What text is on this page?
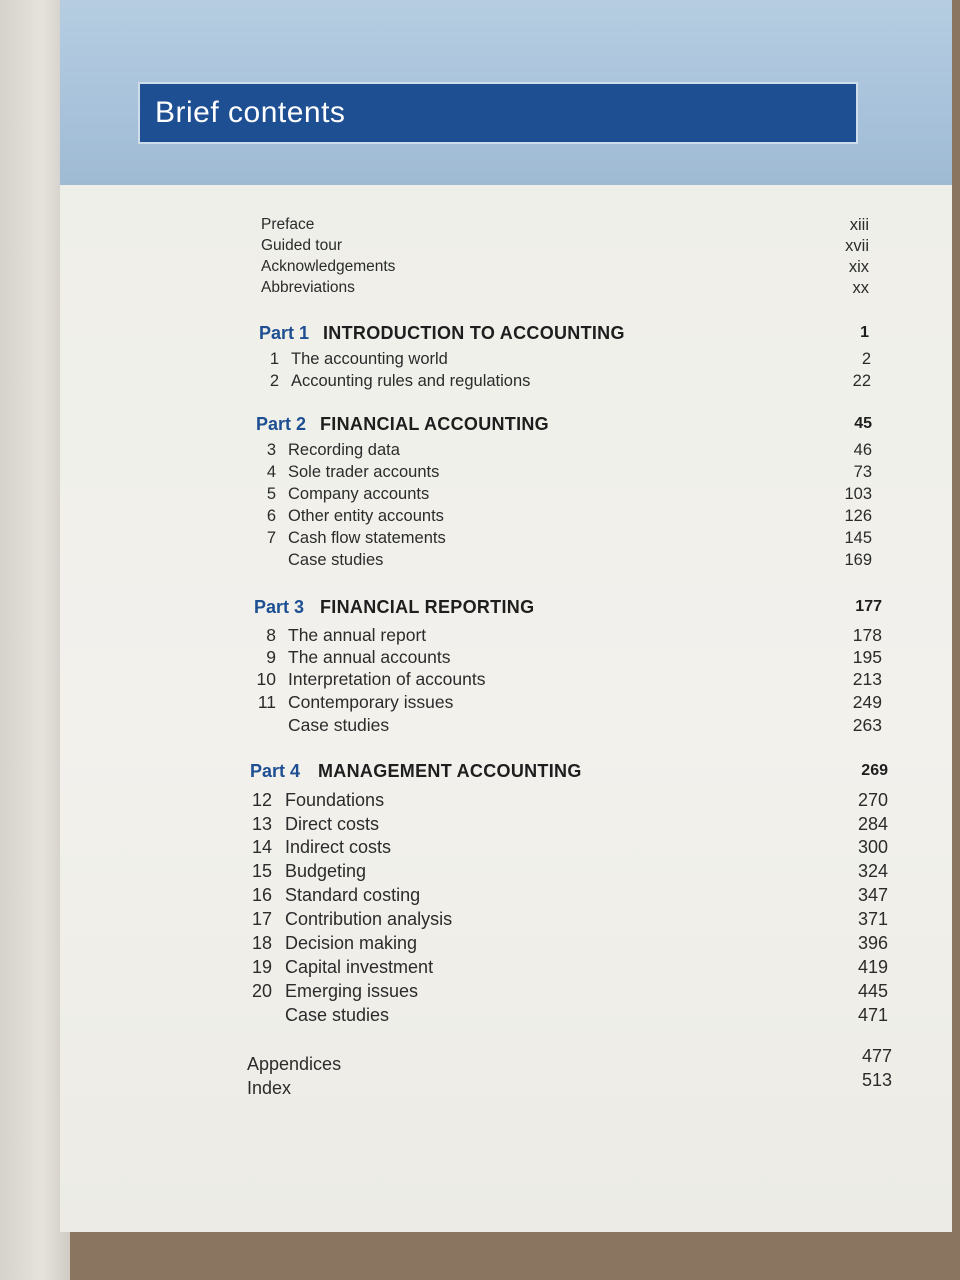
Brief contents
Preface	xiii
Guided tour	xvii
Acknowledgements	xix
Abbreviations	xx
Part 1 INTRODUCTION TO ACCOUNTING	1
1 The accounting world	2
2 Accounting rules and regulations	22
Part 2 FINANCIAL ACCOUNTING	45
3 Recording data	46
4 Sole trader accounts	73
5 Company accounts	103
6 Other entity accounts	126
7 Cash flow statements	145
Case studies	169
Part 3 FINANCIAL REPORTING	177
8 The annual report	178
9 The annual accounts	195
10 Interpretation of accounts	213
11 Contemporary issues	249
Case studies	263
Part 4 MANAGEMENT ACCOUNTING	269
12 Foundations	270
13 Direct costs	284
14 Indirect costs	300
15 Budgeting	324
16 Standard costing	347
17 Contribution analysis	371
18 Decision making	396
19 Capital investment	419
20 Emerging issues	445
Case studies	471
Appendices	477
Index	513
